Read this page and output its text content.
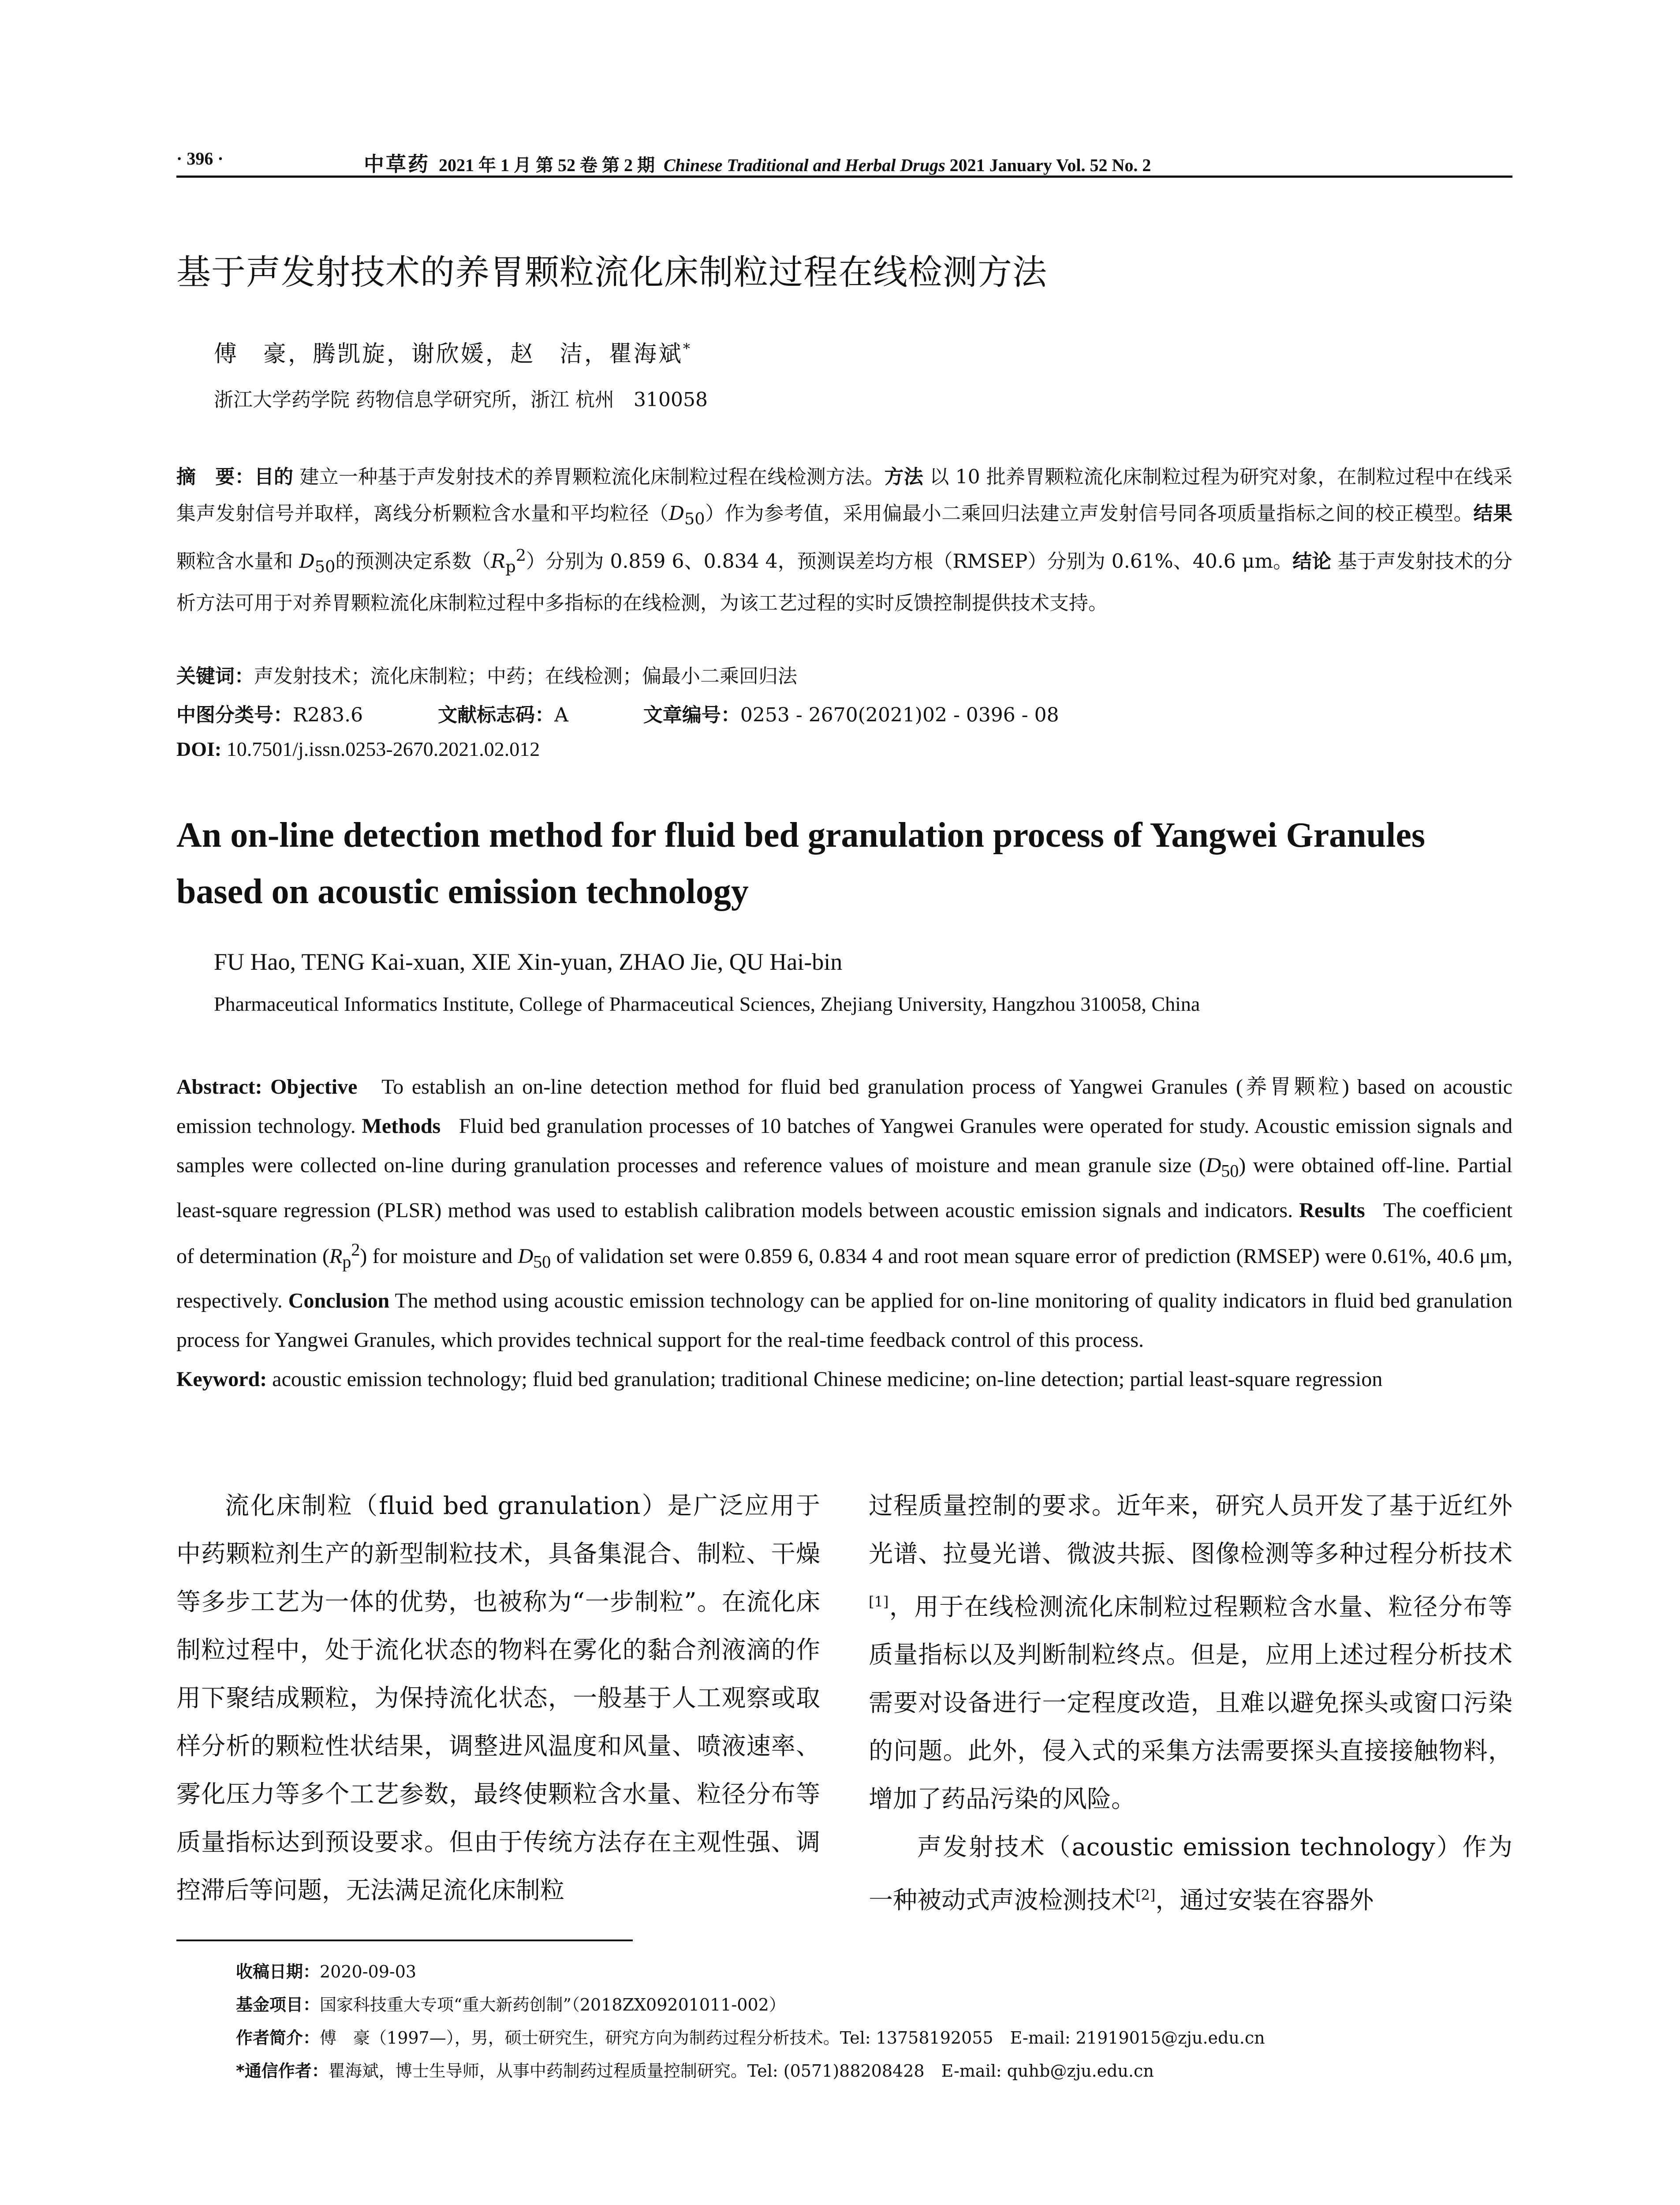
· 396 ·	中草药 2021 年 1 月 第 52 卷 第 2 期 Chinese Traditional and Herbal Drugs 2021 January Vol. 52 No. 2
基于声发射技术的养胃颗粒流化床制粒过程在线检测方法
傅　豪，腾凯旋，谢欣媛，赵　洁，瞿海斌*
浙江大学药学院 药物信息学研究所，浙江 杭州　310058
摘　要：目的 建立一种基于声发射技术的养胃颗粒流化床制粒过程在线检测方法。方法 以 10 批养胃颗粒流化床制粒过程为研究对象，在制粒过程中在线采集声发射信号并取样，离线分析颗粒含水量和平均粒径$(D_{50})$作为参考值，采用偏最小二乘回归法建立声发射信号同各项质量指标之间的校正模型。结果 颗粒含水量和 $D_{50}$的预测决定系数$(R_p^2)$分别为 0.859 6、0.834 4，预测误差均方根（RMSEP）分别为 0.61%、40.6 μm。结论 基于声发射技术的分析方法可用于对养胃颗粒流化床制粒过程中多指标的在线检测，为该工艺过程的实时反馈控制提供技术支持。
关键词：声发射技术；流化床制粒；中药；在线检测；偏最小二乘回归法
中图分类号：R283.6	文献标志码：A	文章编号：0253 - 2670(2021)02 - 0396 - 08
DOI: 10.7501/j.issn.0253-2670.2021.02.012
An on-line detection method for fluid bed granulation process of Yangwei Granules based on acoustic emission technology
FU Hao, TENG Kai-xuan, XIE Xin-yuan, ZHAO Jie, QU Hai-bin
Pharmaceutical Informatics Institute, College of Pharmaceutical Sciences, Zhejiang University, Hangzhou 310058, China
Abstract: Objective To establish an on-line detection method for fluid bed granulation process of Yangwei Granules (养胃颗粒) based on acoustic emission technology. Methods Fluid bed granulation processes of 10 batches of Yangwei Granules were operated for study. Acoustic emission signals and samples were collected on-line during granulation processes and reference values of moisture and mean granule size $(D_{50})$ were obtained off-line. Partial least-square regression (PLSR) method was used to establish calibration models between acoustic emission signals and indicators. Results The coefficient of determination $(R_p^2)$ for moisture and $D_{50}$ of validation set were 0.859 6, 0.834 4 and root mean square error of prediction (RMSEP) were 0.61%, 40.6 μm, respectively. Conclusion The method using acoustic emission technology can be applied for on-line monitoring of quality indicators in fluid bed granulation process for Yangwei Granules, which provides technical support for the real-time feedback control of this process.
Keyword: acoustic emission technology; fluid bed granulation; traditional Chinese medicine; on-line detection; partial least-square regression

流化床制粒（fluid bed granulation）是广泛应用于中药颗粒剂生产的新型制粒技术，具备集混合、制粒、干燥等多步工艺为一体的优势，也被称为“一步制粒”。在流化床制粒过程中，处于流化状态的物料在雾化的黏合剂液滴的作用下聚结成颗粒，为保持流化状态，一般基于人工观察或取样分析的颗粒性状结果，调整进风温度和风量、喷液速率、雾化压力等多个工艺参数，最终使颗粒含水量、粒径分布等质量指标达到预设要求。但由于传统方法存在主观性强、调控滞后等问题，无法满足流化床制粒

过程质量控制的要求。近年来，研究人员开发了基于近红外光谱、拉曼光谱、微波共振、图像检测等多种过程分析技术[1]，用于在线检测流化床制粒过程颗粒含水量、粒径分布等质量指标以及判断制粒终点。但是，应用上述过程分析技术需要对设备进行一定程度改造，且难以避免探头或窗口污染的问题。此外，侵入式的采集方法需要探头直接接触物料，增加了药品污染的风险。

声发射技术（acoustic emission technology）作为一种被动式声波检测技术[2]，通过安装在容器外

收稿日期：2020-09-03
基金项目：国家科技重大专项“重大新药创制”（2018ZX09201011-002）
作者简介：傅　豪（1997—），男，硕士研究生，研究方向为制药过程分析技术。Tel: 13758192055　E-mail: 21919015@zju.edu.cn
*通信作者：瞿海斌，博士生导师，从事中药制药过程质量控制研究。Tel: (0571)88208428　E-mail: quhb@zju.edu.cn
